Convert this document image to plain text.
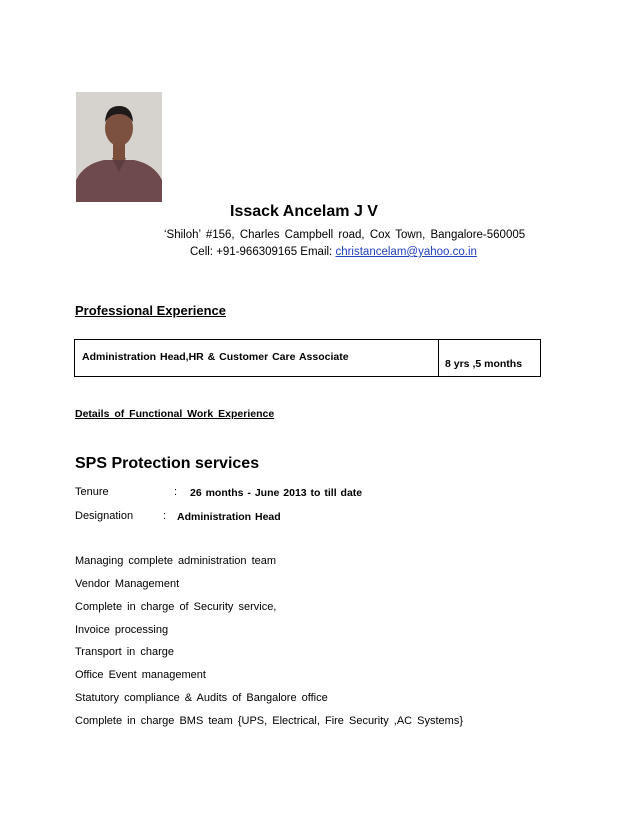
Issack Ancelam J V
‘Shiloh’ #156, Charles Campbell road, Cox Town, Bangalore-560005
Cell: +91-966309165 Email: christancelam@yahoo.co.in
Professional Experience
Administration Head,HR & Customer Care Associate
8 yrs ,5 months
Details of Functional Work Experience
SPS Protection services
Tenure	: 26 months - June 2013 to till date
Designation	: Administration Head
Managing complete administration team
Vendor Management
Complete in charge of Security service,
Invoice processing
Transport in charge
Office Event management
Statutory compliance & Audits of Bangalore office
Complete in charge BMS team {UPS, Electrical, Fire Security ,AC Systems}
